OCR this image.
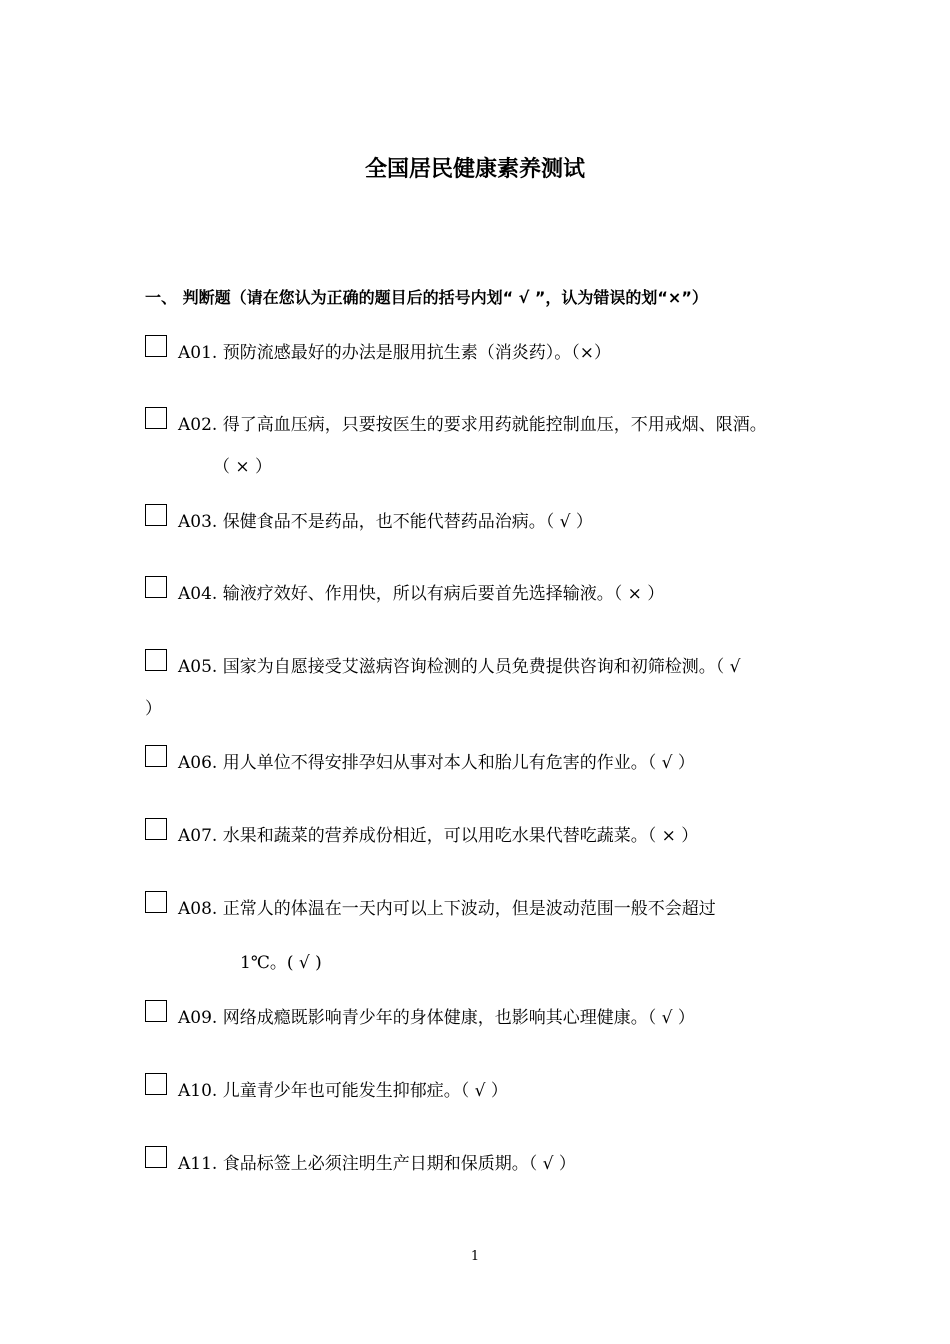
全国居民健康素养测试

一、 判断题（请在您认为正确的题目后的括号内划“ √ ”，认为错误的划“×”）

A01. 预防流感最好的办法是服用抗生素（消炎药）。（×）
A02. 得了高血压病，只要按医生的要求用药就能控制血压，不用戒烟、限酒。
（ × ）
A03. 保健食品不是药品，也不能代替药品治病。（ √ ）
A04. 输液疗效好、作用快，所以有病后要首先选择输液。（ × ）
A05. 国家为自愿接受艾滋病咨询检测的人员免费提供咨询和初筛检测。（ √
）
A06. 用人单位不得安排孕妇从事对本人和胎儿有危害的作业。（ √ ）
A07. 水果和蔬菜的营养成份相近，可以用吃水果代替吃蔬菜。（ × ）
A08. 正常人的体温在一天内可以上下波动，但是波动范围一般不会超过
1℃。( √ )
A09. 网络成瘾既影响青少年的身体健康，也影响其心理健康。（ √ ）
A10. 儿童青少年也可能发生抑郁症。（ √ ）
A11. 食品标签上必须注明生产日期和保质期。（ √ ）
1
